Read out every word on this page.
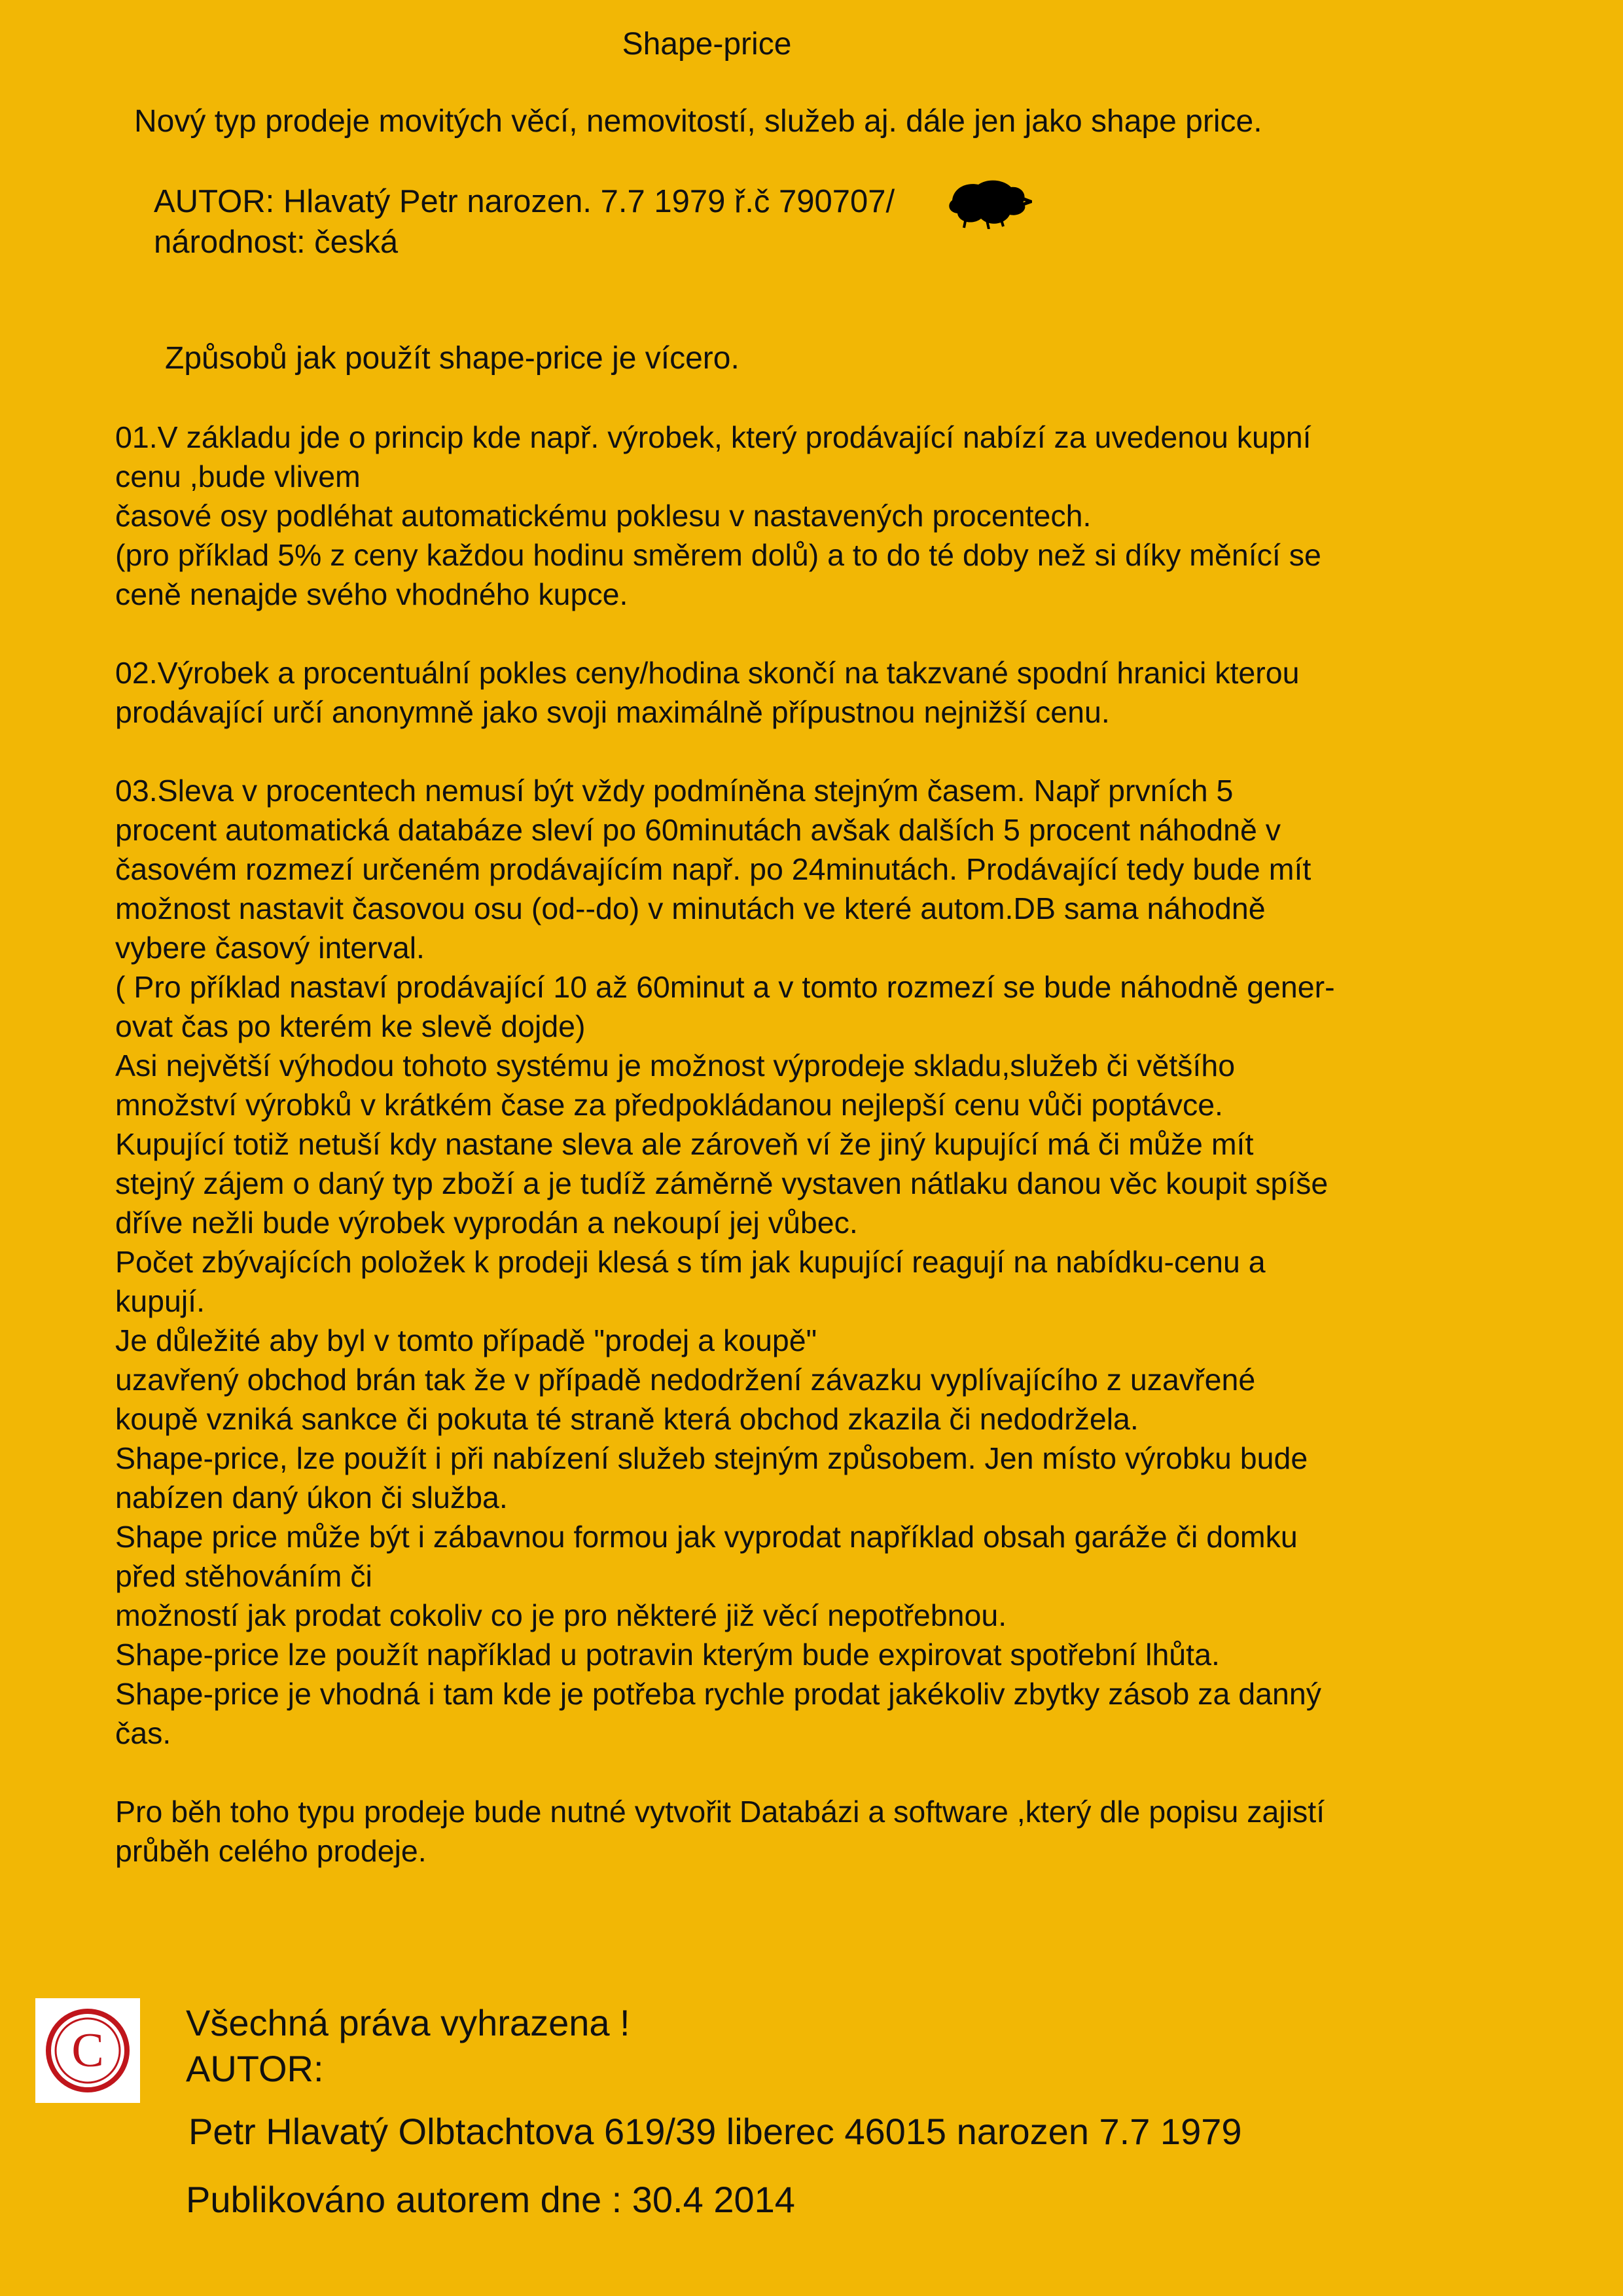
Shape-price
Nový typ prodeje movitých věcí, nemovitostí, služeb aj. dále jen jako shape price.
AUTOR: Hlavatý Petr narozen. 7.7 1979 ř.č 790707/
národnost: česká
Způsobů jak použít shape-price je vícero.
01.V základu jde o princip kde např. výrobek, který prodávající nabízí za uvedenou kupní
cenu ,bude vlivem
časové osy podléhat automatickému poklesu v nastavených procentech.
(pro příklad 5% z ceny každou hodinu směrem dolů) a to do té doby než si díky měnící se
ceně nenajde svého vhodného kupce.
02.Výrobek a procentuální pokles ceny/hodina skončí na takzvané spodní hranici kterou
prodávající určí anonymně jako svoji maximálně přípustnou nejnižší cenu.
03.Sleva v procentech nemusí být vždy podmíněna stejným časem. Např prvních 5
procent automatická databáze sleví po 60minutách avšak dalších 5 procent náhodně v
časovém rozmezí určeném prodávajícím např. po 24minutách. Prodávající tedy bude mít
možnost nastavit časovou osu (od--do) v minutách ve které autom.DB sama náhodně
vybere časový interval.
( Pro příklad nastaví prodávající 10 až 60minut a v tomto rozmezí se bude náhodně gener-
ovat čas po kterém ke slevě dojde)
Asi největší výhodou tohoto systému je možnost výprodeje skladu,služeb či většího
množství výrobků v krátkém čase za předpokládanou nejlepší cenu vůči poptávce.
Kupující totiž netuší kdy nastane sleva ale zároveň ví že jiný kupující má či může mít
stejný zájem o daný typ zboží a je tudíž záměrně vystaven nátlaku danou věc koupit spíše
dříve nežli bude výrobek vyprodán a nekoupí jej vůbec.
Počet zbývajících položek k prodeji klesá s tím jak kupující reagují na nabídku-cenu a
kupují.
Je důležité aby byl v tomto případě "prodej a koupě"
uzavřený obchod brán tak že v případě nedodržení závazku vyplívajícího z uzavřené
koupě vzniká sankce či pokuta té straně která obchod zkazila či nedodržela.
Shape-price, lze použít i při nabízení služeb stejným způsobem. Jen místo výrobku bude
nabízen daný úkon či služba.
Shape price může být i zábavnou formou jak vyprodat například obsah garáže či domku
před stěhováním či
možností jak prodat cokoliv co je pro některé již věcí nepotřebnou.
Shape-price lze použít například u potravin kterým bude expirovat spotřební lhůta.
Shape-price je vhodná i tam kde je potřeba rychle prodat jakékoliv zbytky zásob za danný
čas.
Pro běh toho typu prodeje bude nutné vytvořit Databázi a software ,který dle popisu zajistí
průběh celého prodeje.
C
Všechná práva vyhrazena !
AUTOR:
Petr Hlavatý Olbtachtova 619/39 liberec 46015 narozen 7.7 1979
Publikováno autorem dne : 30.4 2014
